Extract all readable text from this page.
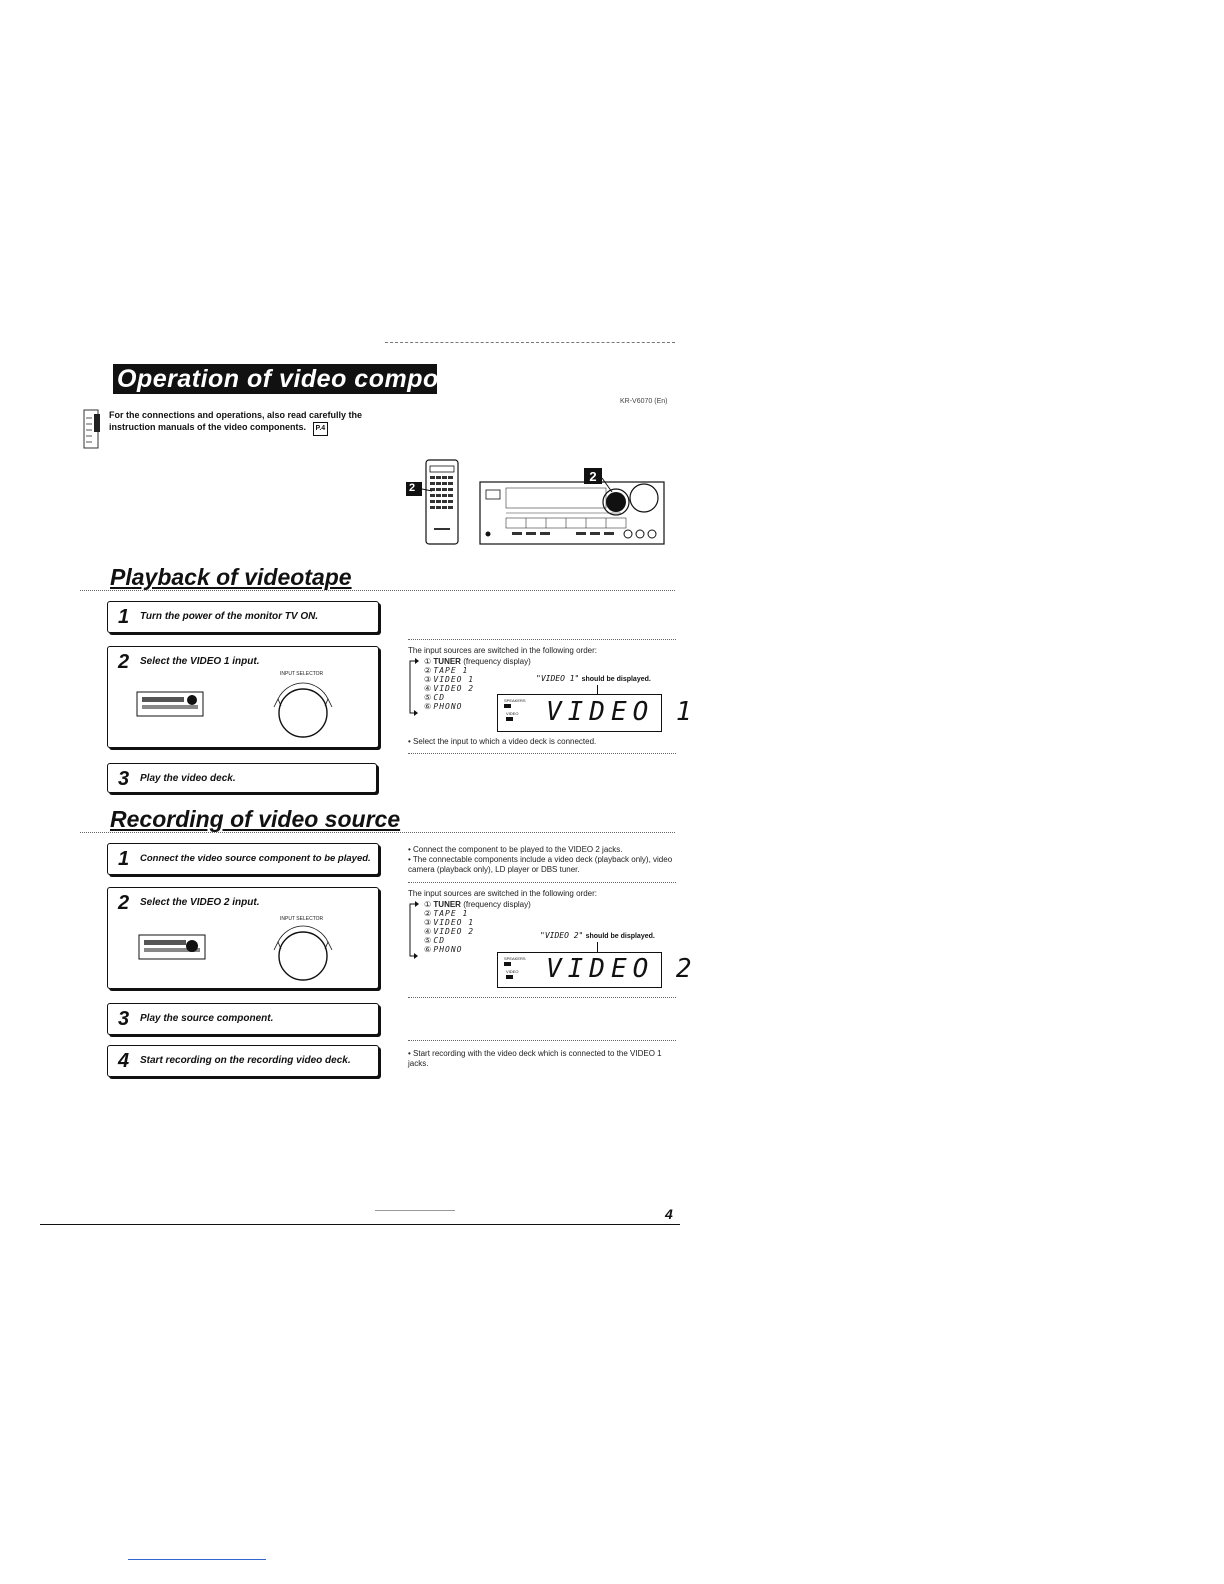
Operation of video components
KR-V6070 (En)
For the connections and operations, also read carefully the instruction manuals of the video components. P.4
2
2
Playback of videotape
1 Turn the power of the monitor TV ON.
2 Select the VIDEO 1 input.
INPUT SELECTOR
3 Play the video deck.
The input sources are switched in the following order:
① TUNER (frequency display)
② TAPE 1
③ VIDEO 1
④ VIDEO 2
⑤ CD
⑥ PHONO
"VIDEO 1" should be displayed.
SPEAKERS
VIDEO VIDEO 1
• Select the input to which a video deck is connected.
Recording of video source
1 Connect the video source component to be played.
2 Select the VIDEO 2 input.
INPUT SELECTOR
3 Play the source component.
4 Start recording on the recording video deck.
• Connect the component to be played to the VIDEO 2 jacks.
• The connectable components include a video deck (playback only), video camera (playback only), LD player or DBS tuner.
The input sources are switched in the following order:
① TUNER (frequency display)
② TAPE 1
③ VIDEO 1
④ VIDEO 2
⑤ CD
⑥ PHONO
"VIDEO 2" should be displayed.
SPEAKERS
VIDEO VIDEO 2
• Start recording with the video deck which is connected to the VIDEO 1 jacks.
4
